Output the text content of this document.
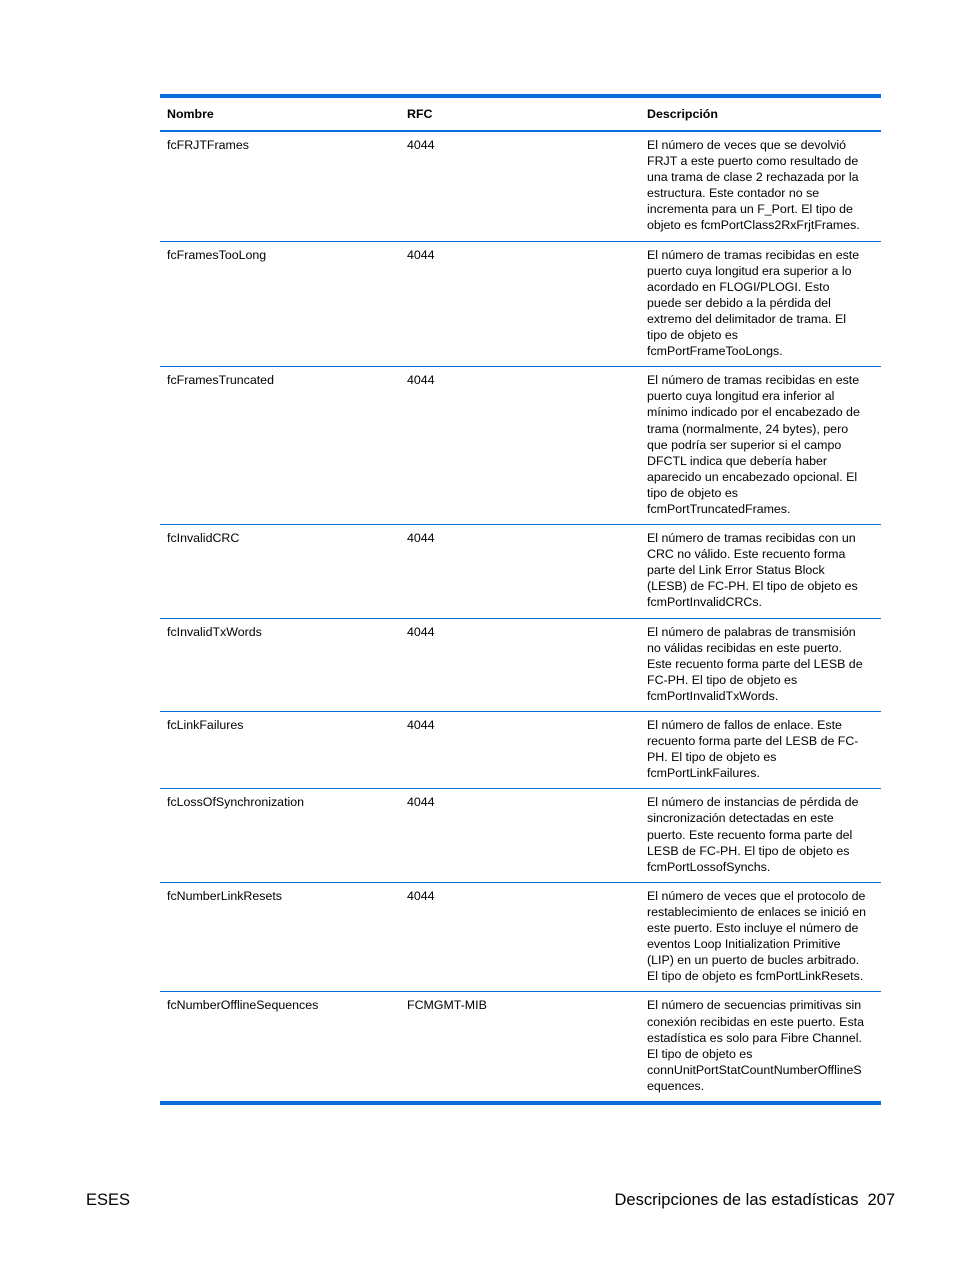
Nombre	RFC	Descripción
fcFRJTFrames	4044	El número de veces que se devolvió
FRJT a este puerto como resultado de
una trama de clase 2 rechazada por la
estructura. Este contador no se
incrementa para un F_Port. El tipo de
objeto es fcmPortClass2RxFrjtFrames.
fcFramesTooLong	4044	El número de tramas recibidas en este
puerto cuya longitud era superior a lo
acordado en FLOGI/PLOGI. Esto
puede ser debido a la pérdida del
extremo del delimitador de trama. El
tipo de objeto es
fcmPortFrameTooLongs.
fcFramesTruncated	4044	El número de tramas recibidas en este
puerto cuya longitud era inferior al
mínimo indicado por el encabezado de
trama (normalmente, 24 bytes), pero
que podría ser superior si el campo
DFCTL indica que debería haber
aparecido un encabezado opcional. El
tipo de objeto es
fcmPortTruncatedFrames.
fcInvalidCRC	4044	El número de tramas recibidas con un
CRC no válido. Este recuento forma
parte del Link Error Status Block
(LESB) de FC-PH. El tipo de objeto es
fcmPortInvalidCRCs.
fcInvalidTxWords	4044	El número de palabras de transmisión
no válidas recibidas en este puerto.
Este recuento forma parte del LESB de
FC-PH. El tipo de objeto es
fcmPortInvalidTxWords.
fcLinkFailures	4044	El número de fallos de enlace. Este
recuento forma parte del LESB de FC-
PH. El tipo de objeto es
fcmPortLinkFailures.
fcLossOfSynchronization	4044	El número de instancias de pérdida de
sincronización detectadas en este
puerto. Este recuento forma parte del
LESB de FC-PH. El tipo de objeto es
fcmPortLossofSynchs.
fcNumberLinkResets	4044	El número de veces que el protocolo de
restablecimiento de enlaces se inició en
este puerto. Esto incluye el número de
eventos Loop Initialization Primitive
(LIP) en un puerto de bucles arbitrado.
El tipo de objeto es fcmPortLinkResets.
fcNumberOfflineSequences	FCMGMT-MIB	El número de secuencias primitivas sin
conexión recibidas en este puerto. Esta
estadística es solo para Fibre Channel.
El tipo de objeto es
connUnitPortStatCountNumberOfflineS
equences.
ESES	Descripciones de las estadísticas 207
